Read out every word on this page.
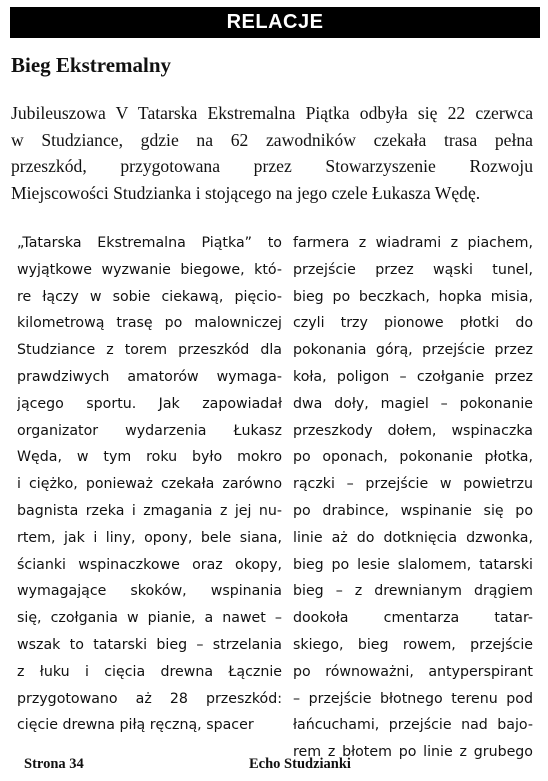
RELACJE
Bieg Ekstremalny
Jubileuszowa V Tatarska Ekstremalna Piątka odbyła się 22 czerwca
w Studziance, gdzie na 62 zawodników czekała trasa pełna
przeszkód, przygotowana przez Stowarzyszenie Rozwoju
Miejscowości Studzianka i stojącego na jego czele Łukasza Wędę.
„Tatarska Ekstremalna Piątka” to
wyjątkowe wyzwanie biegowe, któ-
re łączy w sobie ciekawą, pięcio-
kilometrową trasę po malowniczej
Studziance z torem przeszkód dla
prawdziwych amatorów wymaga-
jącego sportu. Jak zapowiadał
organizator wydarzenia Łukasz
Węda, w tym roku było mokro
i ciężko, ponieważ czekała zarówno
bagnista rzeka i zmagania z jej nu-
rtem, jak i liny, opony, bele siana,
ścianki wspinaczkowe oraz okopy,
wymagające skoków, wspinania
się, czołgania w pianie, a nawet –
wszak to tatarski bieg – strzelania
z łuku i cięcia drewna Łącznie
przygotowano aż 28 przeszkód:
cięcie drewna piłą ręczną, spacer
farmera z wiadrami z piachem,
przejście przez wąski tunel,
bieg po beczkach, hopka misia,
czyli trzy pionowe płotki do
pokonania górą, przejście przez
koła, poligon – czołganie przez
dwa doły, magiel – pokonanie
przeszkody dołem, wspinaczka
po oponach, pokonanie płotka,
rączki – przejście w powietrzu
po drabince, wspinanie się po
linie aż do dotknięcia dzwonka,
bieg po lesie slalomem, tatarski
bieg – z drewnianym drągiem
dookoła cmentarza tatar-
skiego, bieg rowem, przejście
po równoważni, antyperspirant
– przejście błotnego terenu pod
łańcuchami, przejście nad bajo-
rem z błotem po linie z grubego
Strona 34	Echo Studzianki
